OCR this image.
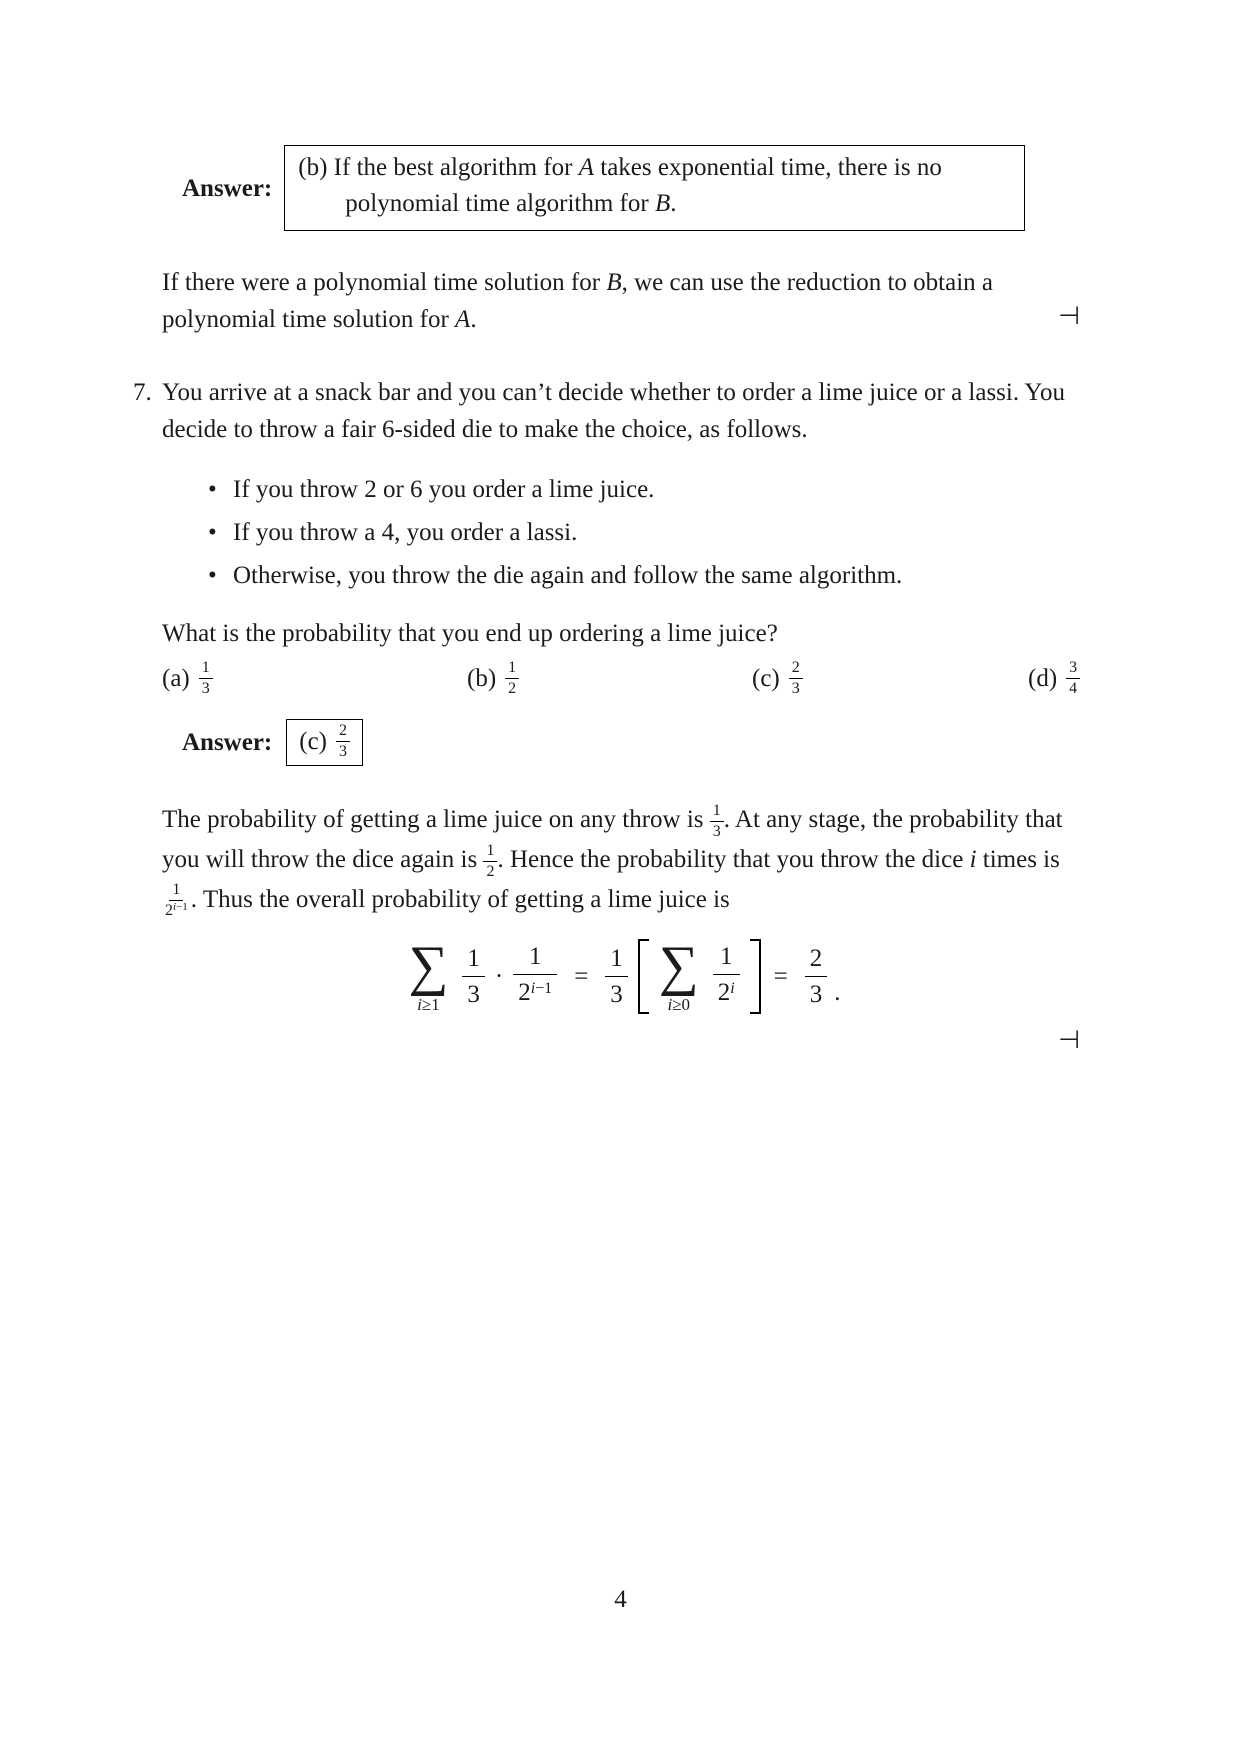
Answer:
(b) If the best algorithm for A takes exponential time, there is no
polynomial time algorithm for B.
If there were a polynomial time solution for B, we can use the reduction to obtain a polynomial time solution for A.	⊣
7. You arrive at a snack bar and you can’t decide whether to order a lime juice or a lassi. You decide to throw a fair 6-sided die to make the choice, as follows.
• If you throw 2 or 6 you order a lime juice.
• If you throw a 4, you order a lassi.
• Otherwise, you throw the die again and follow the same algorithm.
What is the probability that you end up ordering a lime juice?
$(a) \frac{1}{3}$	$(b) \frac{1}{2}$	$(c) \frac{2}{3}$	$(d) \frac{3}{4}$
Answer: $(c) \frac{2}{3}$
The probability of getting a lime juice on any throw is $\frac{1}{3}$ . At any stage, the probability that you will throw the dice again is $\frac{1}{2}$ . Hence the probability that you throw the dice i times is
$\frac{1}{2^{i-1}}$ . Thus the overall probability of getting a lime juice is
∑
i≥1
1
3
·
1
$2^{i-1}$ =
1
3 ∑
i≥0
1
$2^i$ =
2
3 .
⊣
4
